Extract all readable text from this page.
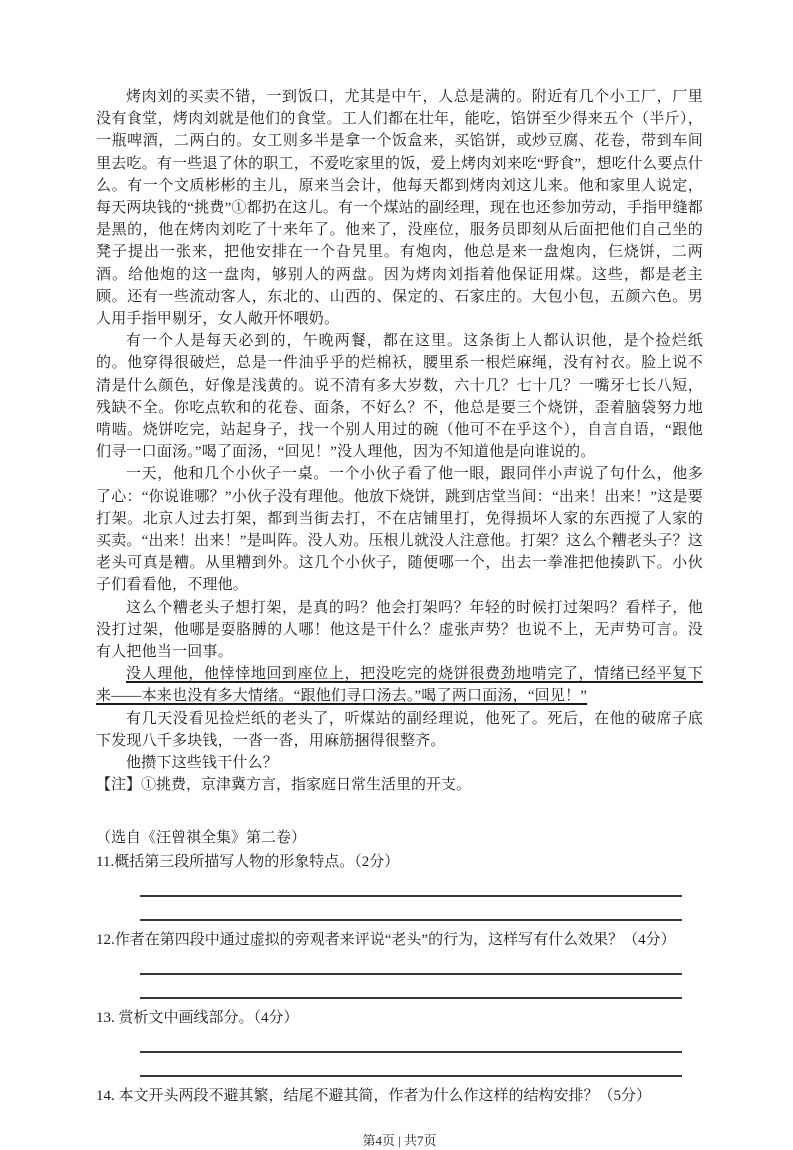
烤肉刘的买卖不错，一到饭口，尤其是中午，人总是满的。附近有几个小工厂，厂里没有食堂，烤肉刘就是他们的食堂。工人们都在壮年，能吃，馅饼至少得来五个（半斤），一瓶啤酒，二两白的。女工则多半是拿一个饭盒来，买馅饼，或炒豆腐、花卷，带到车间里去吃。有一些退了休的职工，不爱吃家里的饭，爱上烤肉刘来吃“野食”，想吃什么要点什么。有一个文质彬彬的主儿，原来当会计，他每天都到烤肉刘这儿来。他和家里人说定，每天两块钱的“挑费”①都扔在这儿。有一个煤站的副经理，现在也还参加劳动，手指甲缝都是黑的，他在烤肉刘吃了十来年了。他来了，没座位，服务员即刻从后面把他们自己坐的凳子提出一张来，把他安排在一个旮旯里。有炮肉，他总是来一盘炮肉，仨烧饼，二两酒。给他炮的这一盘肉，够别人的两盘。因为烤肉刘指着他保证用煤。这些，都是老主顾。还有一些流动客人，东北的、山西的、保定的、石家庄的。大包小包，五颜六色。男人用手指甲剔牙，女人敞开怀喂奶。

有一个人是每天必到的，午晚两餐，都在这里。这条街上人都认识他，是个捡烂纸的。他穿得很破烂，总是一件油乎乎的烂棉袄，腰里系一根烂麻绳，没有衬衣。脸上说不清是什么颜色，好像是浅黄的。说不清有多大岁数，六十几？七十几？一嘴牙七长八短，残缺不全。你吃点软和的花卷、面条，不好么？不，他总是要三个烧饼，歪着脑袋努力地啃啮。烧饼吃完，站起身子，找一个别人用过的碗（他可不在乎这个），自言自语，“跟他们寻一口面汤。”喝了面汤，“回见！”没人理他，因为不知道他是向谁说的。

一天，他和几个小伙子一桌。一个小伙子看了他一眼，跟同伴小声说了句什么，他多了心：“你说谁哪？”小伙子没有理他。他放下烧饼，跳到店堂当间：“出来！出来！”这是要打架。北京人过去打架，都到当街去打，不在店铺里打，免得损坏人家的东西搅了人家的买卖。“出来！出来！”是叫阵。没人劝。压根儿就没人注意他。打架？这么个糟老头子？这老头可真是糟。从里糟到外。这几个小伙子，随便哪一个，出去一拳准把他揍趴下。小伙子们看看他，不理他。

这么个糟老头子想打架，是真的吗？他会打架吗？年轻的时候打过架吗？看样子，他没打过架，他哪是耍胳膊的人哪！他这是干什么？虚张声势？也说不上，无声势可言。没有人把他当一回事。

没人理他，他悻悻地回到座位上，把没吃完的烧饼很费劲地啃完了，情绪已经平复下来——本来也没有多大情绪。“跟他们寻口汤去。”喝了两口面汤，“回见！”

有几天没看见捡烂纸的老头了，听煤站的副经理说，他死了。死后，在他的破席子底下发现八千多块钱，一沓一沓，用麻筋捆得很整齐。

他攒下这些钱干什么？

【注】①挑费，京津冀方言，指家庭日常生活里的开支。

（选自《汪曾祺全集》第二卷）

11.概括第三段所描写人物的形象特点。（2分）

12.作者在第四段中通过虚拟的旁观者来评说“老头”的行为，这样写有什么效果？（4分）

13. 赏析文中画线部分。（4分）

14. 本文开头两段不避其繁，结尾不避其简，作者为什么作这样的结构安排？（5分）

第4页 | 共7页
